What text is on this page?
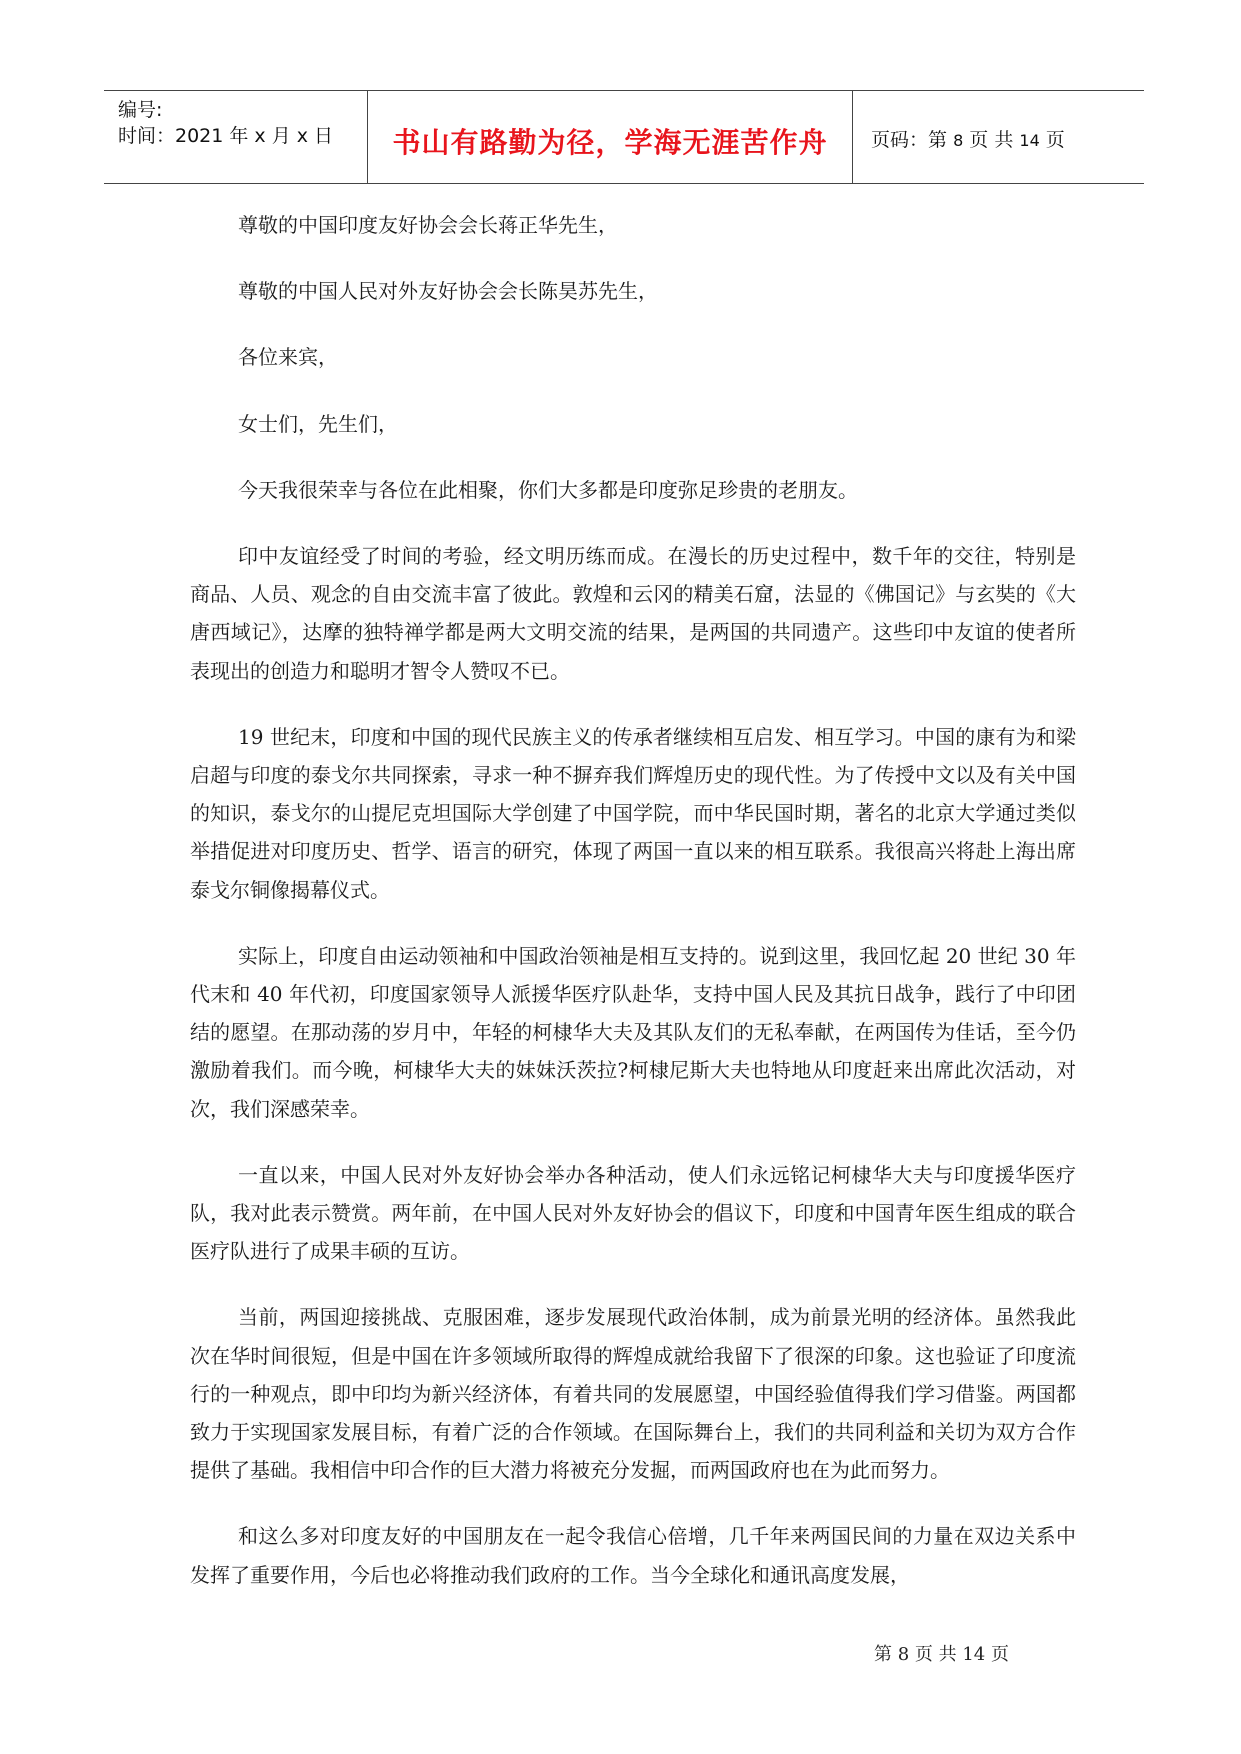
编号:
时间：2021 年 x 月 x 日	书山有路勤为径，学海无涯苦作舟	页码：第 8 页 共 14 页

尊敬的中国印度友好协会会长蒋正华先生，

尊敬的中国人民对外友好协会会长陈昊苏先生，

各位来宾，

女士们，先生们，

今天我很荣幸与各位在此相聚，你们大多都是印度弥足珍贵的老朋友。

印中友谊经受了时间的考验，经文明历练而成。在漫长的历史过程中，数千年的交往，特别是商品、人员、观念的自由交流丰富了彼此。敦煌和云冈的精美石窟，法显的《佛国记》与玄奘的《大唐西域记》，达摩的独特禅学都是两大文明交流的结果，是两国的共同遗产。这些印中友谊的使者所表现出的创造力和聪明才智令人赞叹不已。

19 世纪末，印度和中国的现代民族主义的传承者继续相互启发、相互学习。中国的康有为和梁启超与印度的泰戈尔共同探索，寻求一种不摒弃我们辉煌历史的现代性。为了传授中文以及有关中国的知识，泰戈尔的山提尼克坦国际大学创建了中国学院，而中华民国时期，著名的北京大学通过类似举措促进对印度历史、哲学、语言的研究，体现了两国一直以来的相互联系。我很高兴将赴上海出席泰戈尔铜像揭幕仪式。

实际上，印度自由运动领袖和中国政治领袖是相互支持的。说到这里，我回忆起 20 世纪 30 年代末和 40 年代初，印度国家领导人派援华医疗队赴华，支持中国人民及其抗日战争，践行了中印团结的愿望。在那动荡的岁月中，年轻的柯棣华大夫及其队友们的无私奉献，在两国传为佳话，至今仍激励着我们。而今晚，柯棣华大夫的妹妹沃茨拉?柯棣尼斯大夫也特地从印度赶来出席此次活动，对次，我们深感荣幸。

一直以来，中国人民对外友好协会举办各种活动，使人们永远铭记柯棣华大夫与印度援华医疗队，我对此表示赞赏。两年前，在中国人民对外友好协会的倡议下，印度和中国青年医生组成的联合医疗队进行了成果丰硕的互访。

当前，两国迎接挑战、克服困难，逐步发展现代政治体制，成为前景光明的经济体。虽然我此次在华时间很短，但是中国在许多领域所取得的辉煌成就给我留下了很深的印象。这也验证了印度流行的一种观点，即中印均为新兴经济体，有着共同的发展愿望，中国经验值得我们学习借鉴。两国都致力于实现国家发展目标，有着广泛的合作领域。在国际舞台上，我们的共同利益和关切为双方合作提供了基础。我相信中印合作的巨大潜力将被充分发掘，而两国政府也在为此而努力。

和这么多对印度友好的中国朋友在一起令我信心倍增，几千年来两国民间的力量在双边关系中发挥了重要作用，今后也必将推动我们政府的工作。当今全球化和通讯高度发展，

第 8 页 共 14 页
